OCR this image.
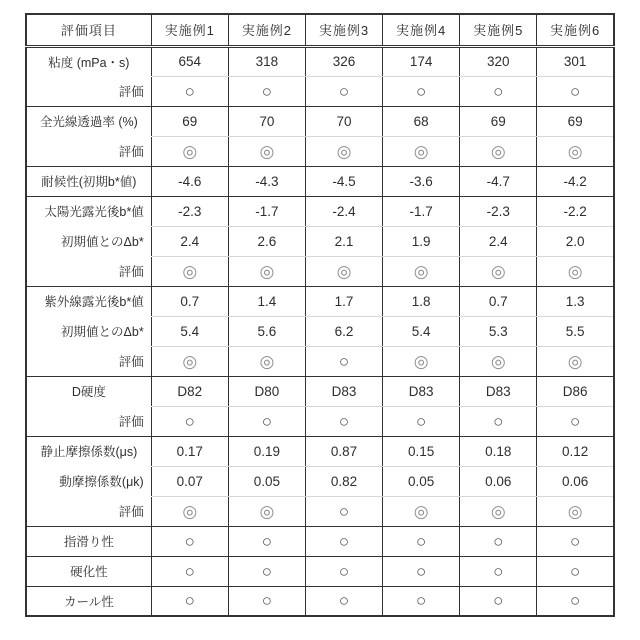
評価項目	実施例1	実施例2	実施例3	実施例4	実施例5	実施例6
粘度 (mPa・s)	654	318	326	174	320	301
評価	○	○	○	○	○	○
全光線透過率 (%)	69	70	70	68	69	69
評価	◎	◎	◎	◎	◎	◎
耐候性(初期b*値)	-4.6	-4.3	-4.5	-3.6	-4.7	-4.2
太陽光露光後b*値	-2.3	-1.7	-2.4	-1.7	-2.3	-2.2
初期値とのΔb*	2.4	2.6	2.1	1.9	2.4	2.0
評価	◎	◎	◎	◎	◎	◎
紫外線露光後b*値	0.7	1.4	1.7	1.8	0.7	1.3
初期値とのΔb*	5.4	5.6	6.2	5.4	5.3	5.5
評価	◎	◎	○	◎	◎	◎
D硬度	D82	D80	D83	D83	D83	D86
評価	○	○	○	○	○	○
静止摩擦係数(μs)	0.17	0.19	0.87	0.15	0.18	0.12
動摩擦係数(μk)	0.07	0.05	0.82	0.05	0.06	0.06
評価	◎	◎	○	◎	◎	◎
指滑り性	○	○	○	○	○	○
硬化性	○	○	○	○	○	○
カール性	○	○	○	○	○	○
